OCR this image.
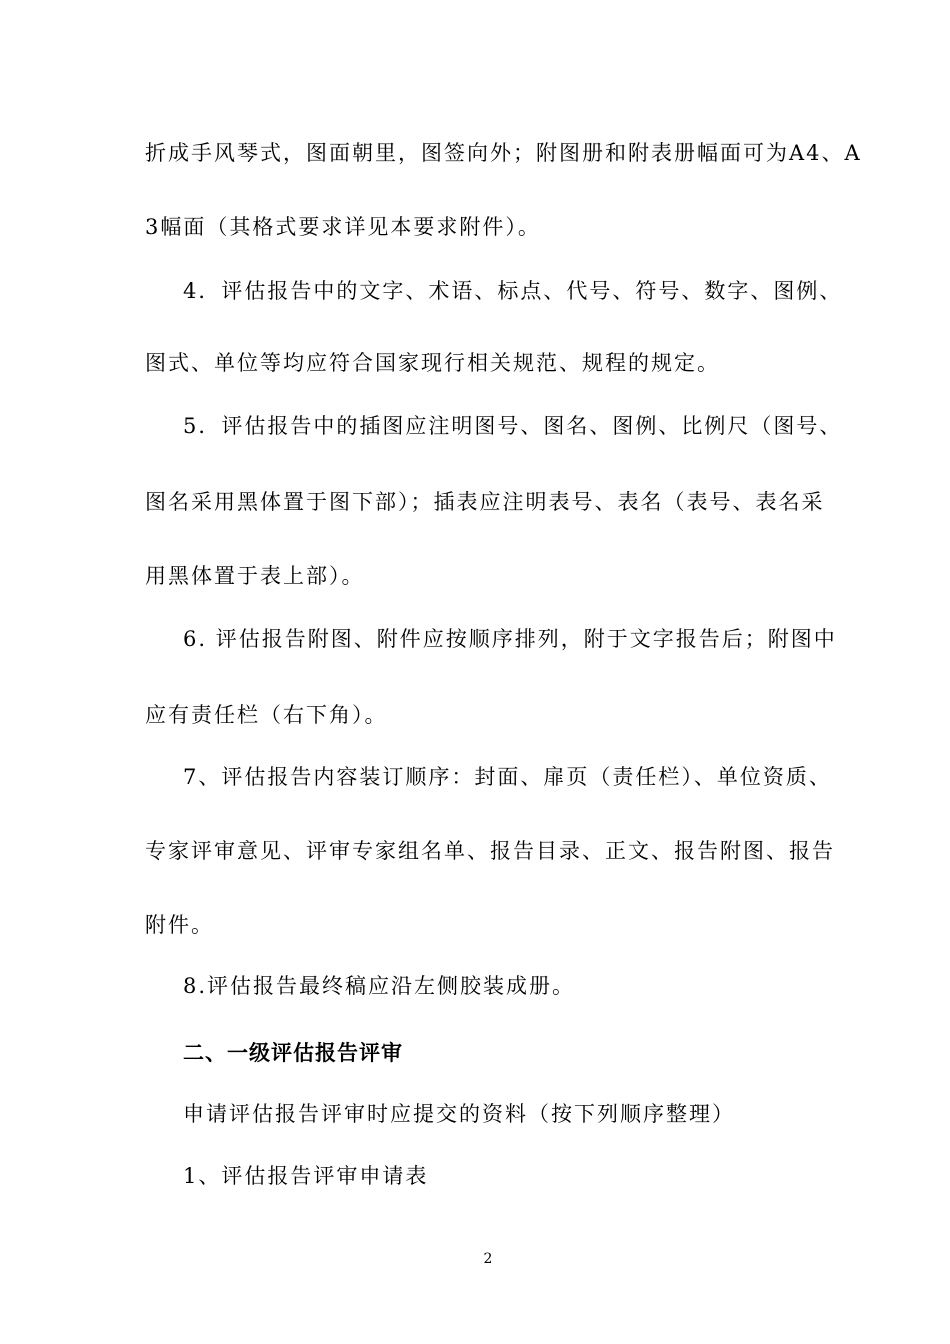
折成手风琴式，图面朝里，图签向外；附图册和附表册幅面可为A4、A
3幅面（其格式要求详见本要求附件）。
4．评估报告中的文字、术语、标点、代号、符号、数字、图例、
图式、单位等均应符合国家现行相关规范、规程的规定。
5．评估报告中的插图应注明图号、图名、图例、比例尺（图号、
图名采用黑体置于图下部）；插表应注明表号、表名（表号、表名采
用黑体置于表上部）。
6. 评估报告附图、附件应按顺序排列，附于文字报告后；附图中
应有责任栏（右下角）。
7、评估报告内容装订顺序：封面、扉页（责任栏）、单位资质、
专家评审意见、评审专家组名单、报告目录、正文、报告附图、报告
附件。
8.评估报告最终稿应沿左侧胶装成册。
二、一级评估报告评审
申请评估报告评审时应提交的资料（按下列顺序整理）
1、评估报告评审申请表
2
